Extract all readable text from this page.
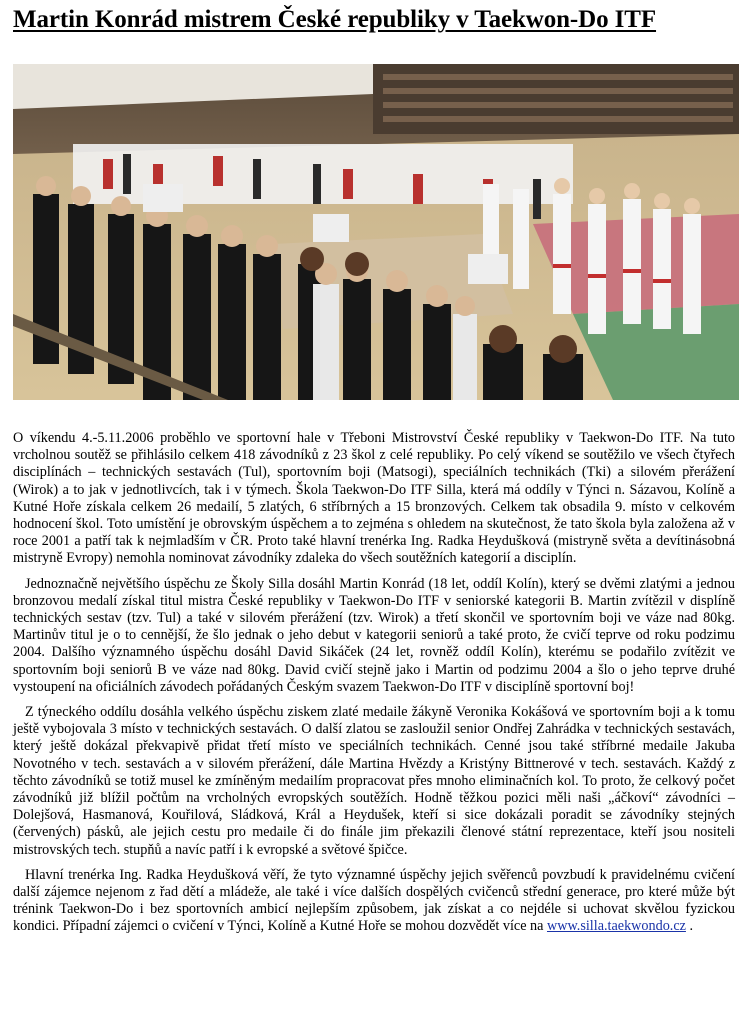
Martin Konrád mistrem České republiky v Taekwon-Do ITF

O víkendu 4.-5.11.2006 proběhlo ve sportovní hale v Třeboni Mistrovství České republiky v Taekwon-Do ITF. Na tuto vrcholnou soutěž se přihlásilo celkem 418 závodníků z 23 škol z celé republiky. Po celý víkend se soutěžilo ve všech čtyřech disciplínách – technických sestavách (Tul), sportovním boji (Matsogi), speciálních technikách (Tki) a silovém přerážení (Wirok) a to jak v jednotlivcích, tak i v týmech. Škola Taekwon-Do ITF Silla, která má oddíly v Týnci n. Sázavou, Kolíně a Kutné Hoře získala celkem 26 medailí, 5 zlatých, 6 stříbrných a 15 bronzových. Celkem tak obsadila 9. místo v celkovém hodnocení škol. Toto umístění je obrovským úspěchem a to zejména s ohledem na skutečnost, že tato škola byla založena až v roce 2001 a patří tak k nejmladším v ČR. Proto také hlavní trenérka Ing. Radka Heydušková (mistryně světa a devítinásobná mistryně Evropy) nemohla nominovat závodníky zdaleka do všech soutěžních kategorií a disciplín.

Jednoznačně největšího úspěchu ze Školy Silla dosáhl Martin Konrád (18 let, oddíl Kolín), který se dvěmi zlatými a jednou bronzovou medalí získal titul mistra České republiky v Taekwon-Do ITF v seniorské kategorii B. Martin zvítězil v displíně technických sestav (tzv. Tul) a také v silovém přerážení (tzv. Wirok) a třetí skončil ve sportovním boji ve váze nad 80kg. Martinův titul je o to cennější, že šlo jednak o jeho debut v kategorii seniorů a také proto, že cvičí teprve od roku podzimu 2004. Dalšího významného úspěchu dosáhl David Sikáček (24 let, rovněž oddíl Kolín), kterému se podařilo zvítězit ve sportovním boji seniorů B ve váze nad 80kg. David cvičí stejně jako i Martin od podzimu 2004 a šlo o jeho teprve druhé vystoupení na oficiálních závodech pořádaných Českým svazem Taekwon-Do ITF v disciplíně sportovní boj!

Z týneckého oddílu dosáhla velkého úspěchu ziskem zlaté medaile žákyně Veronika Kokášová ve sportovním boji a k tomu ještě vybojovala 3 místo v technických sestavách. O další zlatou se zasloužil senior Ondřej Zahrádka v technických sestavách, který ještě dokázal překvapivě přidat třetí místo ve speciálních technikách. Cenné jsou také stříbrné medaile Jakuba Novotného v tech. sestavách a v silovém přerážení, dále Martina Hvězdy a Kristýny Bittnerové v tech. sestavách. Každý z těchto závodníků se totiž musel ke zmíněným medailím propracovat přes mnoho eliminačních kol. To proto, že celkový počet závodníků již blížil počtům na vrcholných evropských soutěžích. Hodně těžkou pozici měli naši „áčkoví“ závodníci – Dolejšová, Hasmanová, Kouřilová, Sládková, Král a Heydušek, kteří si sice dokázali poradit se závodníky stejných (červených) pásků, ale jejich cestu pro medaile či do finále jim překazili členové státní reprezentace, kteří jsou nositeli mistrovských tech. stupňů a navíc patří i k evropské a světové špičce.

Hlavní trenérka Ing. Radka Heydušková věří, že tyto významné úspěchy jejich svěřenců povzbudí k pravidelnému cvičení další zájemce nejenom z řad dětí a mládeže, ale také i více dalších dospělých cvičenců střední generace, pro které může být trénink Taekwon-Do i bez sportovních ambicí nejlepším způsobem, jak získat a co nejdéle si uchovat skvělou fyzickou kondici. Případní zájemci o cvičení v Týnci, Kolíně a Kutné Hoře se mohou dozvědět více na www.silla.taekwondo.cz .
